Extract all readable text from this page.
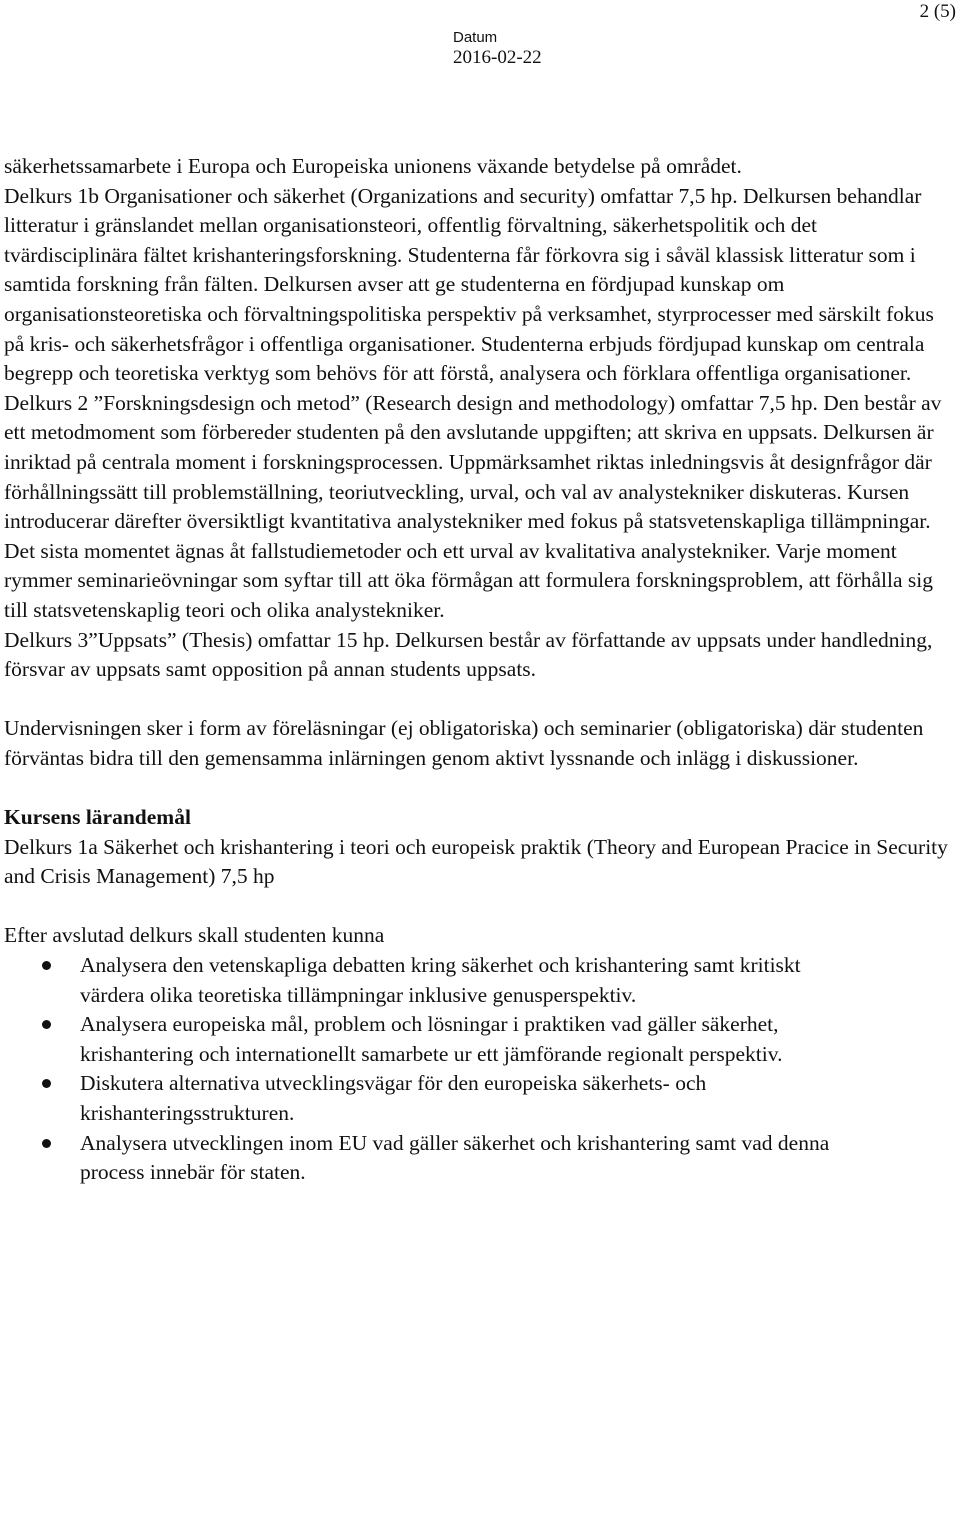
2 (5)
Datum
2016-02-22

säkerhetssamarbete i Europa och Europeiska unionens växande betydelse på området.

Delkurs 1b Organisationer och säkerhet (Organizations and security) omfattar 7,5 hp. Delkursen behandlar litteratur i gränslandet mellan organisationsteori, offentlig förvaltning, säkerhetspolitik och det tvärdisciplinära fältet krishanteringsforskning. Studenterna får förkovra sig i såväl klassisk litteratur som i samtida forskning från fälten. Delkursen avser att ge studenterna en fördjupad kunskap om organisationsteoretiska och förvaltningspolitiska perspektiv på verksamhet, styrprocesser med särskilt fokus på kris- och säkerhetsfrågor i offentliga organisationer. Studenterna erbjuds fördjupad kunskap om centrala begrepp och teoretiska verktyg som behövs för att förstå, analysera och förklara offentliga organisationer.

Delkurs 2 ”Forskningsdesign och metod” (Research design and methodology) omfattar 7,5 hp. Den består av ett metodmoment som förbereder studenten på den avslutande uppgiften; att skriva en uppsats. Delkursen är inriktad på centrala moment i forskningsprocessen. Uppmärksamhet riktas inledningsvis åt designfrågor där förhållningssätt till problemställning, teoriutveckling, urval, och val av analystekniker diskuteras. Kursen introducerar därefter översiktligt kvantitativa analystekniker med fokus på statsvetenskapliga tillämpningar. Det sista momentet ägnas åt fallstudiemetoder och ett urval av kvalitativa analystekniker. Varje moment rymmer seminarieövningar som syftar till att öka förmågan att formulera forskningsproblem, att förhålla sig till statsvetenskaplig teori och olika analystekniker.

Delkurs 3”Uppsats” (Thesis) omfattar 15 hp. Delkursen består av författande av uppsats under handledning, försvar av uppsats samt opposition på annan students uppsats.

Undervisningen sker i form av föreläsningar (ej obligatoriska) och seminarier (obligatoriska) där studenten förväntas bidra till den gemensamma inlärningen genom aktivt lyssnande och inlägg i diskussioner.

Kursens lärandemål

Delkurs 1a Säkerhet och krishantering i teori och europeisk praktik (Theory and European Pracice in Security and Crisis Management) 7,5 hp

Efter avslutad delkurs skall studenten kunna

Analysera den vetenskapliga debatten kring säkerhet och krishantering samt kritiskt värdera olika teoretiska tillämpningar inklusive genusperspektiv.
Analysera europeiska mål, problem och lösningar i praktiken vad gäller säkerhet, krishantering och internationellt samarbete ur ett jämförande regionalt perspektiv.
Diskutera alternativa utvecklingsvägar för den europeiska säkerhets- och krishanteringsstrukturen.
Analysera utvecklingen inom EU vad gäller säkerhet och krishantering samt vad denna process innebär för staten.
